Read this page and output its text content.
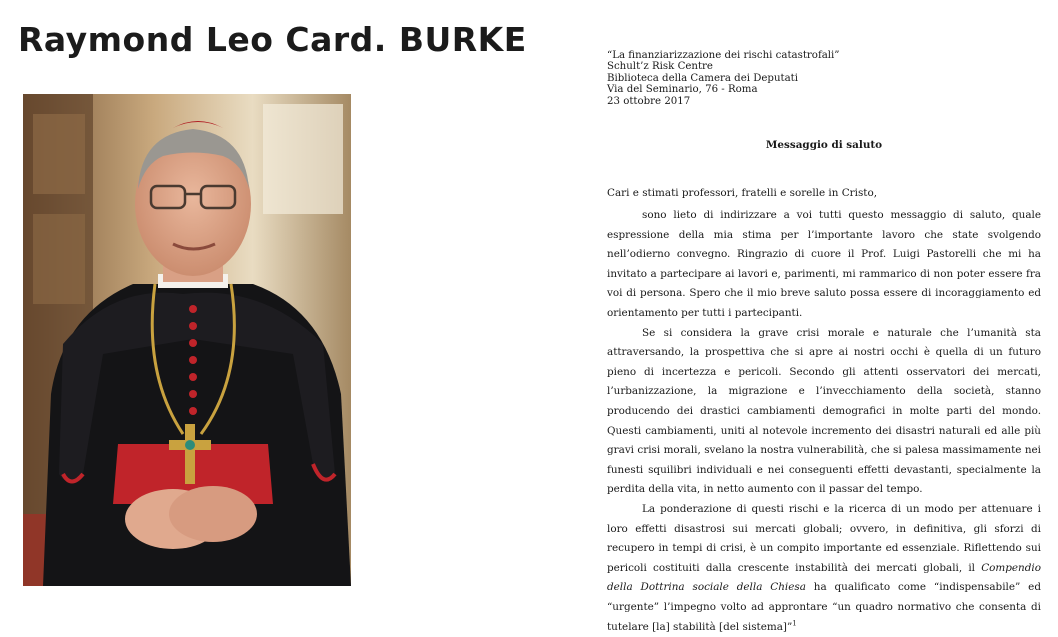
Raymond Leo Card. BURKE	“La finanziarizzazione dei rischi catastrofali”
Schult’z Risk Centre
Biblioteca della Camera dei Deputati
Via del Seminario, 76 - Roma
23 ottobre 2017
Messaggio di saluto
Cari e stimati professori, fratelli e sorelle in Cristo,

sono lieto di indirizzare a voi tutti questo messaggio di saluto, quale espressione della mia stima per l’importante lavoro che state svolgendo nell’odierno convegno. Ringrazio di cuore il Prof. Luigi Pastorelli che mi ha invitato a partecipare ai lavori e, parimenti, mi rammarico di non poter essere fra voi di persona. Spero che il mio breve saluto possa essere di incoraggiamento ed orientamento per tutti i partecipanti.

Se si considera la grave crisi morale e naturale che l’umanità sta attraversando, la prospettiva che si apre ai nostri occhi è quella di un futuro pieno di incertezza e pericoli. Secondo gli attenti osservatori dei mercati, l’urbanizzazione, la migrazione e l’invecchiamento della società, stanno producendo dei drastici cambiamenti demografici in molte parti del mondo. Questi cambiamenti, uniti al notevole incremento dei disastri naturali ed alle più gravi crisi morali, svelano la nostra vulnerabilità, che si palesa massimamente nei funesti squilibri individuali e nei conseguenti effetti devastanti, specialmente la perdita della vita, in netto aumento con il passar del tempo.

La ponderazione di questi rischi e la ricerca di un modo per attenuare i loro effetti disastrosi sui mercati globali; ovvero, in definitiva, gli sforzi di recupero in tempi di crisi, è un compito importante ed essenziale. Riflettendo sui pericoli costituiti dalla crescente instabilità dei mercati globali, il Compendio della Dottrina sociale della Chiesa ha qualificato come “indispensabile” ed “urgente” l’impegno volto ad approntare “un quadro normativo che consenta di tutelare [la] stabilità [del sistema]”$^1$
